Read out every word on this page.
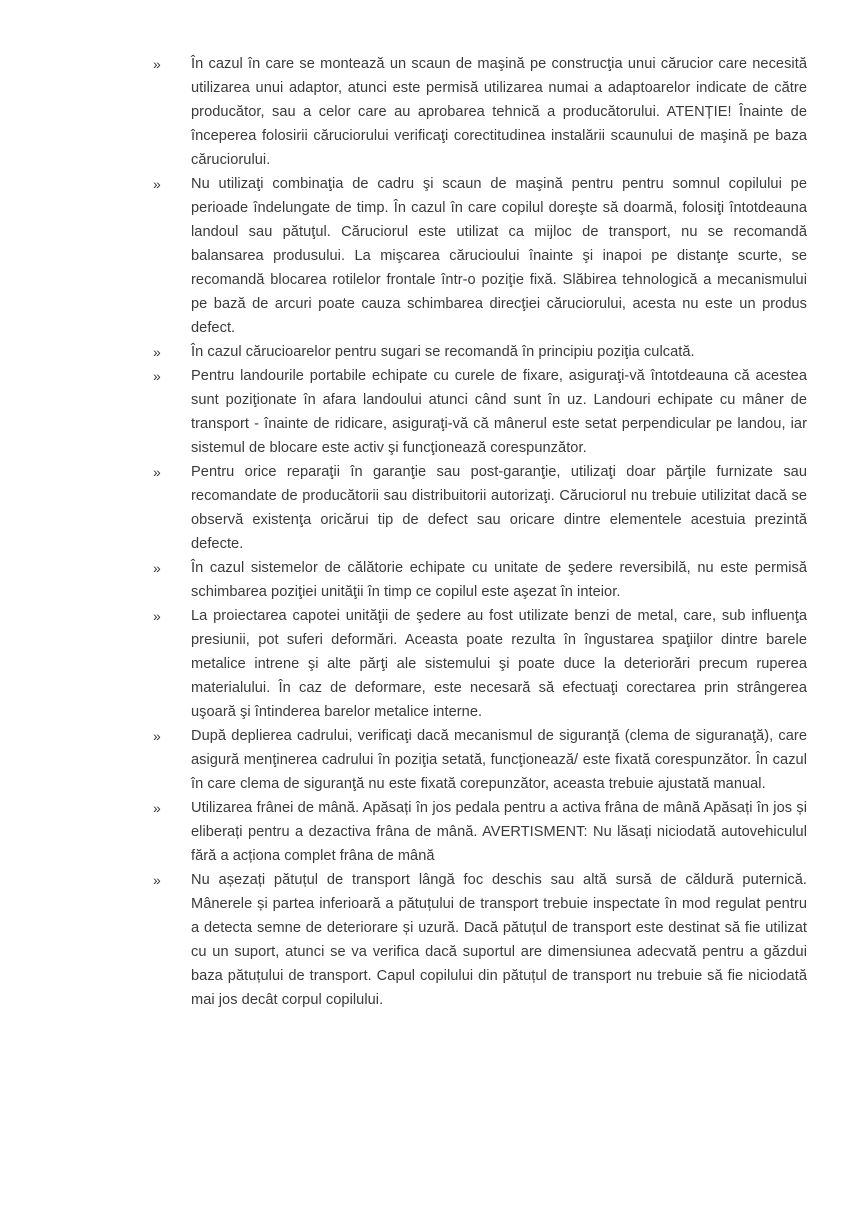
» În cazul în care se montează un scaun de maşină pe construcţia unui cărucior care necesită utilizarea unui adaptor, atunci este permisă utilizarea numai a adaptoarelor indicate de către producător, sau a celor care au aprobarea tehnică a producătorului. ATENȚIE! Înainte de începerea folosirii căruciorului verificaţi corectitudinea instalării scaunului de maşină pe baza căruciorului.
» Nu utilizaţi combinaţia de cadru şi scaun de maşină pentru pentru somnul copilului pe perioade îndelungate de timp. În cazul în care copilul doreşte să doarmă, folosiţi întotdeauna landoul sau pătuţul. Căruciorul este utilizat ca mijloc de transport, nu se recomandă balansarea produsului. La mişcarea cărucioului înainte şi inapoi pe distanţe scurte, se recomandă blocarea rotilelor frontale într-o poziţie fixă. Slăbirea tehnologică a mecanismului pe bază de arcuri poate cauza schimbarea direcţiei căruciorului, acesta nu este un produs defect.
» În cazul cărucioarelor pentru sugari se recomandă în principiu poziţia culcată.
» Pentru landourile portabile echipate cu curele de fixare, asiguraţi-vă întotdeauna că acestea sunt poziţionate în afara landoului atunci când sunt în uz. Landouri echipate cu mâner de transport - înainte de ridicare, asiguraţi-vă că mânerul este setat perpendicular pe landou, iar sistemul de blocare este activ şi funcţionează corespunzător.
» Pentru orice reparaţii în garanţie sau post-garanţie, utilizaţi doar părţile furnizate sau recomandate de producătorii sau distribuitorii autorizaţi. Căruciorul nu trebuie utilizitat dacă se observă existenţa oricărui tip de defect sau oricare dintre elementele acestuia prezintă defecte.
» În cazul sistemelor de călătorie echipate cu unitate de şedere reversibilă, nu este permisă schimbarea poziţiei unităţii în timp ce copilul este aşezat în inteior.
» La proiectarea capotei unităţii de şedere au fost utilizate benzi de metal, care, sub influenţa presiunii, pot suferi deformări. Aceasta poate rezulta în îngustarea spaţiilor dintre barele metalice intrene şi alte părţi ale sistemului şi poate duce la deteriorări precum ruperea materialului. În caz de deformare, este necesară să efectuaţi corectarea prin strângerea uşoară şi întinderea barelor metalice interne.
» După deplierea cadrului, verificaţi dacă mecanismul de siguranţă (clema de siguranaţă), care asigură menţinerea cadrului în poziţia setată, funcţionează/ este fixată corespunzător. În cazul în care clema de siguranţă nu este fixată corepunzător, aceasta trebuie ajustată manual.
» Utilizarea frânei de mână. Apăsați în jos pedala pentru a activa frâna de mână Apăsați în jos și eliberați pentru a dezactiva frâna de mână. AVERTISMENT: Nu lăsați niciodată autovehiculul fără a acționa complet frâna de mână
» Nu așezați pătuțul de transport lângă foc deschis sau altă sursă de căldură puternică. Mânerele și partea inferioară a pătuțului de transport trebuie inspectate în mod regulat pentru a detecta semne de deteriorare și uzură. Dacă pătuțul de transport este destinat să fie utilizat cu un suport, atunci se va verifica dacă suportul are dimensiunea adecvată pentru a găzdui baza pătuțului de transport. Capul copilului din pătuțul de transport nu trebuie să fie niciodată mai jos decât corpul copilului.
